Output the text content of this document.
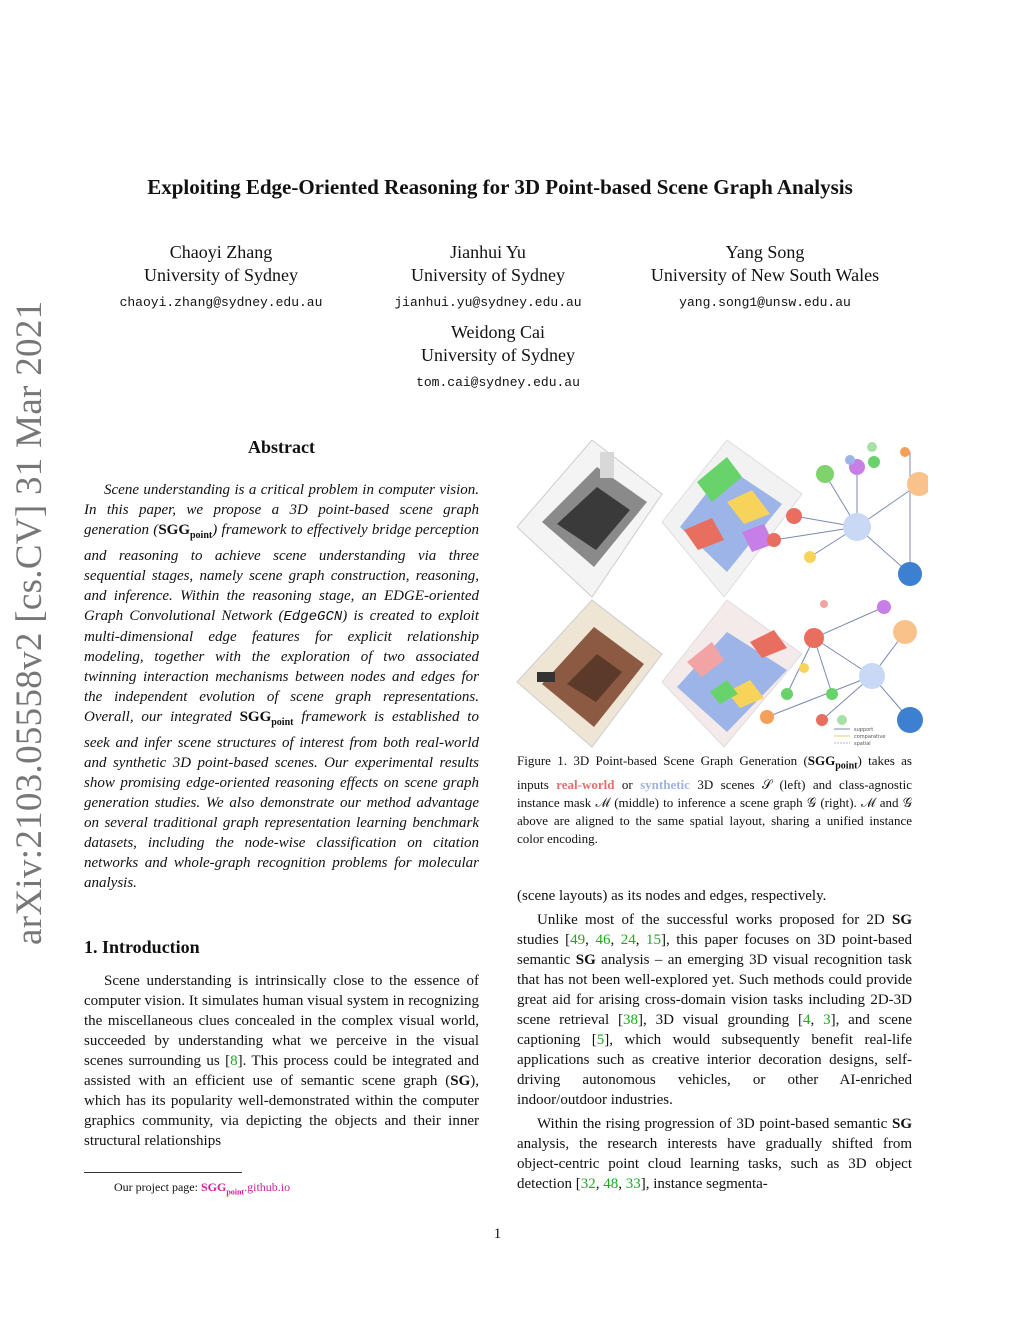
arXiv:2103.05558v2 [cs.CV] 31 Mar 2021
Exploiting Edge-Oriented Reasoning for 3D Point-based Scene Graph Analysis
Chaoyi Zhang
University of Sydney
chaoyi.zhang@sydney.edu.au
Jianhui Yu
University of Sydney
jianhui.yu@sydney.edu.au
Yang Song
University of New South Wales
yang.song1@unsw.edu.au
Weidong Cai
University of Sydney
tom.cai@sydney.edu.au
Abstract
Scene understanding is a critical problem in computer vision. In this paper, we propose a 3D point-based scene graph generation $(SGG_{point})$ framework to effectively bridge perception and reasoning to achieve scene understanding via three sequential stages, namely scene graph construction, reasoning, and inference. Within the reasoning stage, an EDGE-oriented Graph Convolutional Network (EdgeGCN) is created to exploit multi-dimensional edge features for explicit relationship modeling, together with the exploration of two associated twinning interaction mechanisms between nodes and edges for the independent evolution of scene graph representations. Overall, our integrated $SGG_{point}$ framework is established to seek and infer scene structures of interest from both real-world and synthetic 3D point-based scenes. Our experimental results show promising edge-oriented reasoning effects on scene graph generation studies. We also demonstrate our method advantage on several traditional graph representation learning benchmark datasets, including the node-wise classification on citation networks and whole-graph recognition problems for molecular analysis.
1. Introduction

Scene understanding is intrinsically close to the essence of computer vision. It simulates human visual system in recognizing the miscellaneous clues concealed in the complex visual world, succeeded by understanding what we perceive in the visual scenes surrounding us [8]. This process could be integrated and assisted with an efficient use of semantic scene graph (SG), which has its popularity well-demonstrated within the computer graphics community, via depicting the objects and their inner structural relationships

Our project page: $SGG_{point}.github.io$
support
comparative
spatial
Figure 1. 3D Point-based Scene Graph Generation $(SGG_{point})$ takes as inputs real-world or synthetic 3D scenes 𝒮 (left) and class-agnostic instance mask ℳ (middle) to inference a scene graph 𝒢 (right). ℳ and 𝒢 above are aligned to the same spatial layout, sharing a unified instance color encoding.

(scene layouts) as its nodes and edges, respectively.

Unlike most of the successful works proposed for 2D SG studies [49, 46, 24, 15], this paper focuses on 3D point-based semantic SG analysis – an emerging 3D visual recognition task that has not been well-explored yet. Such methods could provide great aid for arising cross-domain vision tasks including 2D-3D scene retrieval [38], 3D visual grounding [4, 3], and scene captioning [5], which would subsequently benefit real-life applications such as creative interior decoration designs, self-driving autonomous vehicles, or other AI-enriched indoor/outdoor industries.

Within the rising progression of 3D point-based semantic SG analysis, the research interests have gradually shifted from object-centric point cloud learning tasks, such as 3D object detection [32, 48, 33], instance segmenta-

1
